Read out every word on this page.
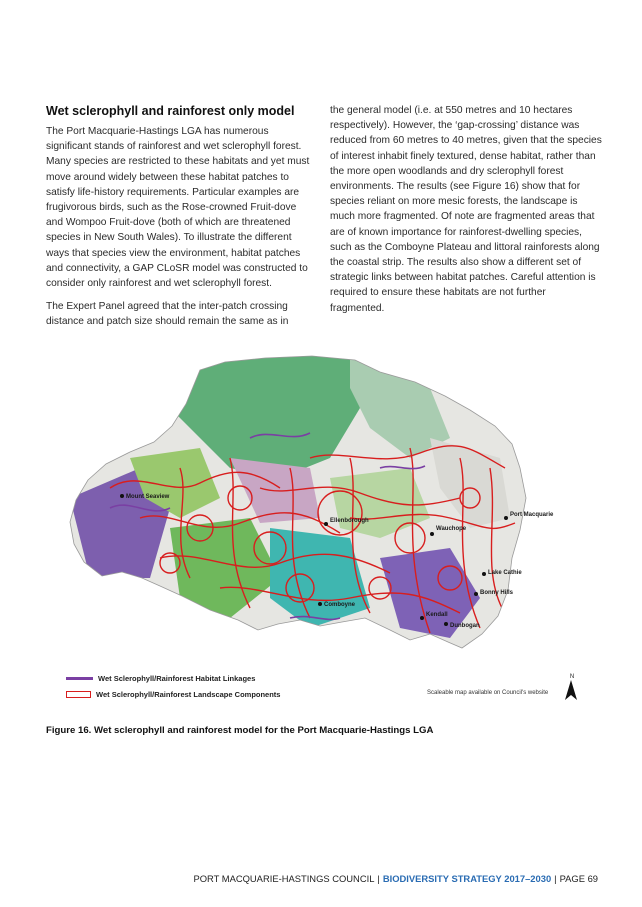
Wet sclerophyll and rainforest only model

The Port Macquarie-Hastings LGA has numerous significant stands of rainforest and wet sclerophyll forest. Many species are restricted to these habitats and yet must move around widely between these habitat patches to satisfy life-history requirements. Particular examples are frugivorous birds, such as the Rose-crowned Fruit-dove and Wompoo Fruit-dove (both of which are threatened species in New South Wales). To illustrate the different ways that species view the environment, habitat patches and connectivity, a GAP CLoSR model was constructed to consider only rainforest and wet sclerophyll forest.

The Expert Panel agreed that the inter-patch crossing distance and patch size should remain the same as in

the general model (i.e. at 550 metres and 10 hectares respectively). However, the ‘gap-crossing’ distance was reduced from 60 metres to 40 metres, given that the species of interest inhabit finely textured, dense habitat, rather than the more open woodlands and dry sclerophyll forest environments. The results (see Figure 16) show that for species reliant on more mesic forests, the landscape is much more fragmented. Of note are fragmented areas that are of known importance for rainforest-dwelling species, such as the Comboyne Plateau and littoral rainforests along the coastal strip. The results also show a different set of strategic links between habitat patches. Careful attention is required to ensure these habitats are not further fragmented.

Mount Seaview
Ellenborough
Wauchope
Port Macquarie
Lake Cathie
Bonny Hills
Comboyne
Kendall
Dunbogan
Wet Sclerophyll/Rainforest Habitat Linkages
Wet Sclerophyll/Rainforest Landscape Components	Scaleable map available on Council's website
N
Figure 16. Wet sclerophyll and rainforest model for the Port Macquarie-Hastings LGA
PORT MACQUARIE-HASTINGS COUNCIL | BIODIVERSITY STRATEGY 2017–2030 | PAGE 69
